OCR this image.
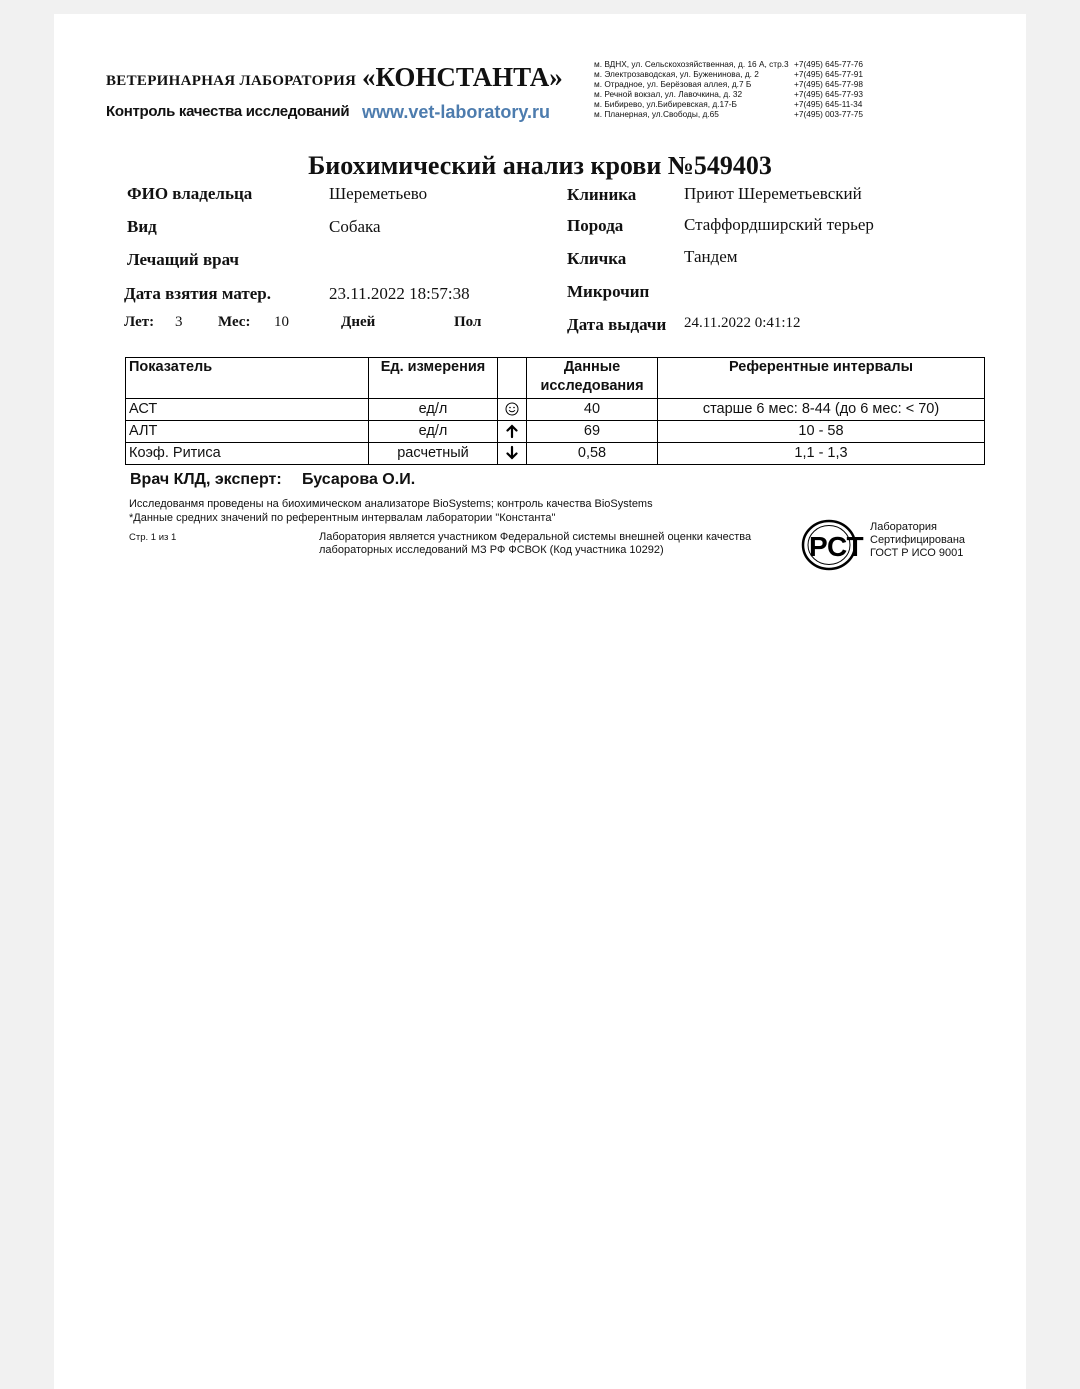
ВЕТЕРИНАРНАЯ ЛАБОРАТОРИЯ «КОНСТАНТА»
Контроль качества исследований www.vet-laboratory.ru
м. ВДНХ, ул. Сельскохозяйственная, д. 16 А, стр.3 +7(495) 645-77-76
м. Электрозаводская, ул. Буженинова, д. 2	+7(495) 645-77-91
м. Отрадное, ул. Берёзовая аллея, д.7 Б	+7(495) 645-77-98
м. Речной вокзал, ул. Лавочкина, д. 32	+7(495) 645-77-93
м. Бибирево, ул.Бибиревская, д.17-Б	+7(495) 645-11-34
м. Планерная, ул.Свободы, д.65	+7(495) 003-77-75
Биохимический анализ крови №549403
ФИО владельца	Шереметьево
Вид	Собака
Лечащий врач
Дата взятия матер.	23.11.2022 18:57:38
Лет: 3 Мес: 10	Дней	Пол
Клиника	Приют Шереметьевский
Порода	Стаффордширский терьер
Кличка	Тандем
Микрочип
Дата выдачи 24.11.2022 0:41:12
Показатель	Ед. измерения		Данные исследования	Референтные интервалы
АСТ	ед/л		40	старше 6 мес: 8-44 (до 6 мес: < 70)
АЛТ	ед/л		69	10 - 58
Коэф. Ритиса	расчетный		0,58	1,1 - 1,3
Врач КЛД, эксперт: Бусарова О.И.
Исследованмя проведены на биохимическом анализаторе BioSystems; контроль качества BioSystems
*Данные средних значений по референтным интервалам лаборатории "Константа"
Стр. 1 из 1	Лаборатория является участником Федеральной системы внешней оценки качества
лабораторных исследований МЗ РФ ФСВОК (Код участника 10292)	РСТ
Лаборатория
Сертифицирована
ГОСТ Р ИСО 9001
